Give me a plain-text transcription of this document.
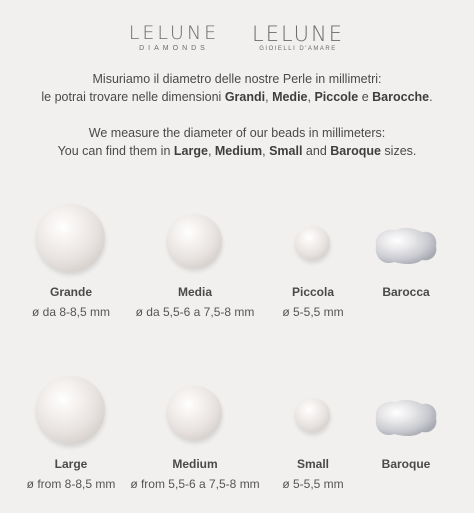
LELUNE
DIAMONDS
LELUNE
GIOIELLI D'AMARE
Misuriamo il diametro delle nostre Perle in millimetri:
le potrai trovare nelle dimensioni Grandi, Medie, Piccole e Barocche.
We measure the diameter of our beads in millimeters:
You can find them in Large, Medium, Small and Baroque sizes.
Grande
ø da 8-8,5 mm
Media
ø da 5,5-6 a 7,5-8 mm
Piccola
ø 5-5,5 mm
Barocca
Large
ø from 8-8,5 mm
Medium
ø from 5,5-6 a 7,5-8 mm
Small
ø 5-5,5 mm
Baroque
